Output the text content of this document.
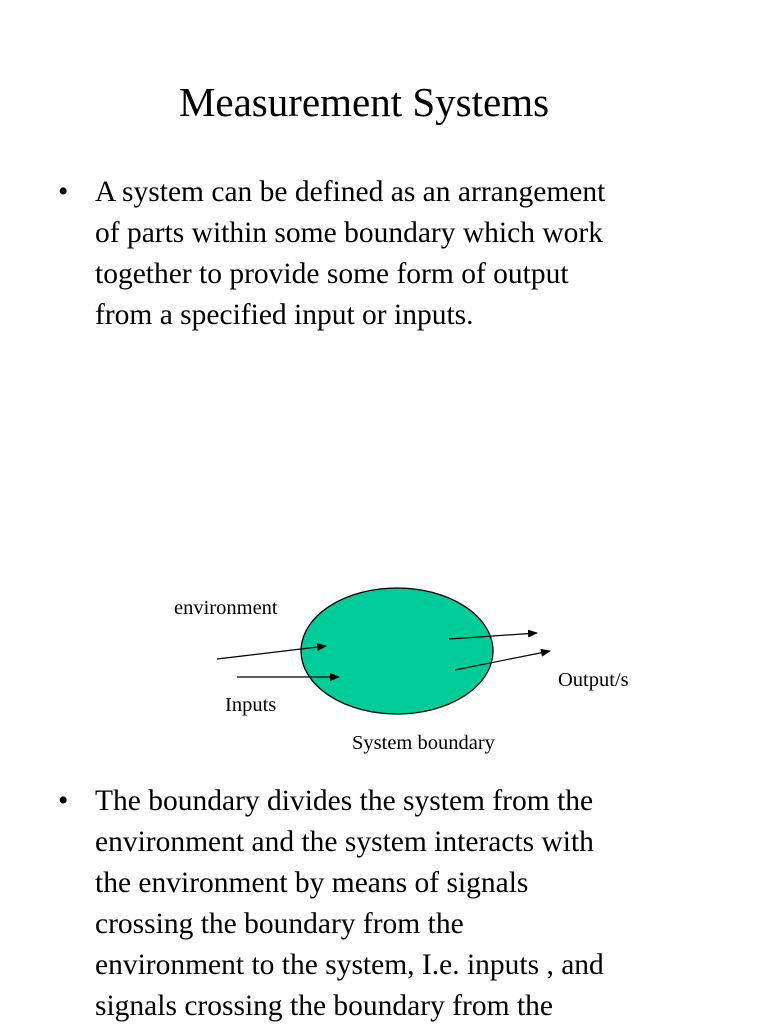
Measurement Systems
• A system can be defined as an arrangement
of parts within some boundary which work
together to provide some form of output
from a specified input or inputs.
environment
Inputs
Output/s
System boundary
• The boundary divides the system from the
environment and the system interacts with
the environment by means of signals
crossing the boundary from the
environment to the system, I.e. inputs , and
signals crossing the boundary from the
